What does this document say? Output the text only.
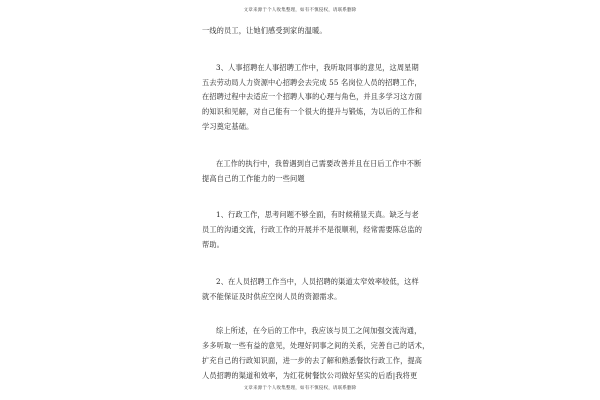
文章来源于个人收集整理，如有不慎侵权，请联系删除

一线的员工，让她们感受到家的温暖。

3、人事招聘在人事招聘工作中，我听取同事的意见，这周星期
五去劳动局人力资源中心招聘会去完成 55 名岗位人员的招聘工作，
在招聘过程中去适应一个招聘人事的心理与角色，并且多学习这方面
的知识和见解，对自己能有一个很大的提升与锻炼，为以后的工作和
学习奠定基础。

在工作的执行中，我曾遇到自己需要改善并且在日后工作中不断
提高自己的工作能力的一些问题

1、行政工作，思考问题不够全面，有时候稍显天真。缺乏与老
员工的沟通交流，行政工作的开展并不是很顺利，经常需要陈总监的
帮助。

2、在人员招聘工作当中，人员招聘的渠道太窄效率较低，这样
就不能保证及时供应空岗人员的资源需求。

综上所述，在今后的工作中，我应该与员工之间加强交流沟通，
多多听取一些有益的意见，处理好同事之间的关系，完善自己的话术，
扩充自己的行政知识面，进一步的去了解和熟悉餐饮行政工作，提高
人员招聘的渠道和效率，为红花树餐饮公司做好坚实的后盾|我将更

文章来源于个人收集整理，如有不慎侵权，请联系删除
